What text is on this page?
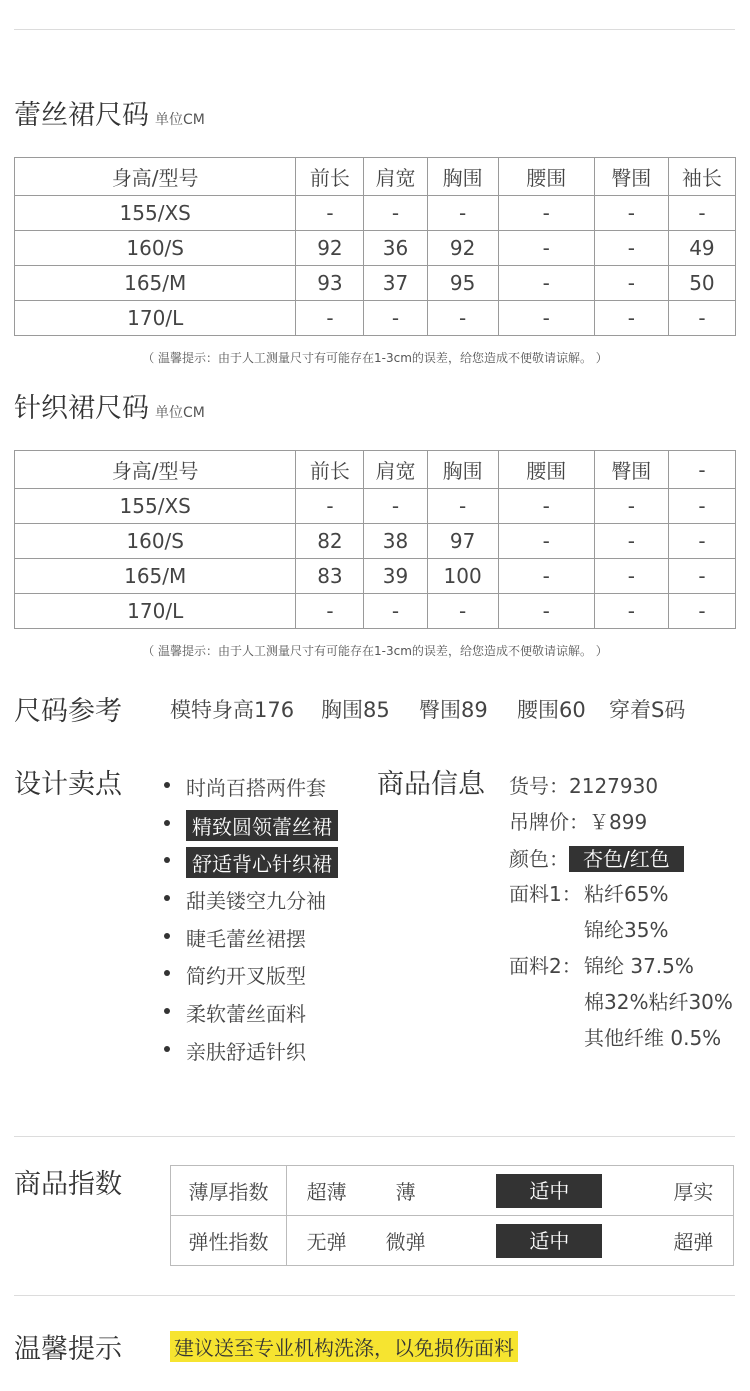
蕾丝裙尺码 单位CM
身高/型号	前长	肩宽	胸围	腰围	臀围	袖长
155/XS	-	-	-	-	-	-
160/S	92	36	92	-	-	49
165/M	93	37	95	-	-	50
170/L	-	-	-	-	-	-
（ 温馨提示：由于人工测量尺寸有可能存在1-3cm的误差，给您造成不便敬请谅解。 ）
针织裙尺码 单位CM
身高/型号	前长	肩宽	胸围	腰围	臀围	-
155/XS	-	-	-	-	-	-
160/S	82	38	97	-	-	-
165/M	83	39	100	-	-	-
170/L	-	-	-	-	-	-
（ 温馨提示：由于人工测量尺寸有可能存在1-3cm的误差，给您造成不便敬请谅解。 ）
尺码参考 模特身高176 胸围85 臀围89 腰围60 穿着S码
设计卖点	时尚百搭两件套
精致圆领蕾丝裙
舒适背心针织裙
甜美镂空九分袖
睫毛蕾丝裙摆
简约开叉版型
柔软蕾丝面料
亲肤舒适针织
商品信息 货号：2127930
吊牌价：￥899
颜色： 杏色/红色
面料1： 粘纤65%
锦纶35%
面料2： 锦纶 37.5%
棉32%粘纤30%
其他纤维 0.5%
商品指数	薄厚指数	超薄	薄	适中	厚实
弹性指数	无弹	微弹	适中	超弹
温馨提示	建议送至专业机构洗涤，以免损伤面料
